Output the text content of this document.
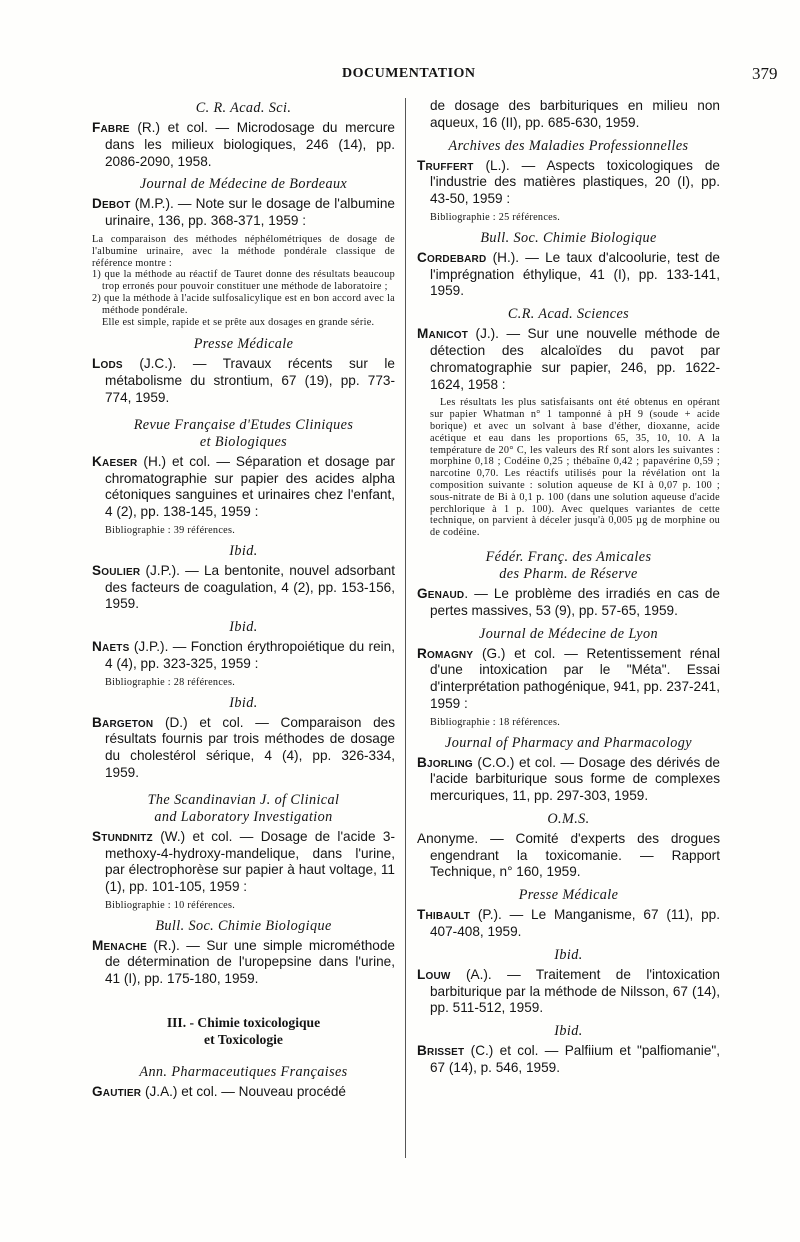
DOCUMENTATION	379
C. R. Acad. Sci.
Fabre (R.) et col. — Microdosage du mercure dans les milieux biologiques, 246 (14), pp. 2086-2090, 1958.
Journal de Médecine de Bordeaux
Debot (M.P.). — Note sur le dosage de l'albumine urinaire, 136, pp. 368-371, 1959 :

La comparaison des méthodes néphélométriques de dosage de l'albumine urinaire, avec la méthode pondérale classique de référence montre :

1) que la méthode au réactif de Tauret donne des résultats beaucoup trop erronés pour pouvoir constituer une méthode de laboratoire ;

2) que la méthode à l'acide sulfosalicylique est en bon accord avec la méthode pondérale.

Elle est simple, rapide et se prête aux dosages en grande série.

Presse Médicale
Lods (J.C.). — Travaux récents sur le métabolisme du strontium, 67 (19), pp. 773-774, 1959.
Revue Française d'Etudes Cliniques
et Biologiques
Kaeser (H.) et col. — Séparation et dosage par chromatographie sur papier des acides alpha cétoniques sanguines et urinaires chez l'enfant, 4 (2), pp. 138-145, 1959 :
Bibliographie : 39 références.
Ibid.
Soulier (J.P.). — La bentonite, nouvel adsorbant des facteurs de coagulation, 4 (2), pp. 153-156, 1959.
Ibid.
Naets (J.P.). — Fonction érythropoiétique du rein, 4 (4), pp. 323-325, 1959 :
Bibliographie : 28 références.
Ibid.
Bargeton (D.) et col. — Comparaison des résultats fournis par trois méthodes de dosage du cholestérol sérique, 4 (4), pp. 326-334, 1959.
The Scandinavian J. of Clinical
and Laboratory Investigation
Stundnitz (W.) et col. — Dosage de l'acide 3-methoxy-4-hydroxy-mandelique, dans l'urine, par électrophorèse sur papier à haut voltage, 11 (1), pp. 101-105, 1959 :
Bibliographie : 10 références.
Bull. Soc. Chimie Biologique
Menache (R.). — Sur une simple microméthode de détermination de l'uropepsine dans l'urine, 41 (I), pp. 175-180, 1959.
III. - Chimie toxicologique
et Toxicologie
Ann. Pharmaceutiques Françaises
Gautier (J.A.) et col. — Nouveau procédé
de dosage des barbituriques en milieu non aqueux, 16 (II), pp. 685-630, 1959.
Archives des Maladies Professionnelles
Truffert (L.). — Aspects toxicologiques de l'industrie des matières plastiques, 20 (I), pp. 43-50, 1959 :
Bibliographie : 25 références.
Bull. Soc. Chimie Biologique
Cordebard (H.). — Le taux d'alcoolurie, test de l'imprégnation éthylique, 41 (I), pp. 133-141, 1959.
C.R. Acad. Sciences
Manicot (J.). — Sur une nouvelle méthode de détection des alcaloïdes du pavot par chromatographie sur papier, 246, pp. 1622-1624, 1958 :
Les résultats les plus satisfaisants ont été obtenus en opérant sur papier Whatman n° 1 tamponné à pH 9 (soude + acide borique) et avec un solvant à base d'éther, dioxanne, acide acétique et eau dans les proportions 65, 35, 10, 10. A la température de 20° C, les valeurs des Rf sont alors les suivantes : morphine 0,18 ; Codéine 0,25 ; thébaïne 0,42 ; papavérine 0,59 ; narcotine 0,70. Les réactifs utilisés pour la révélation ont la composition suivante : solution aqueuse de KI à 0,07 p. 100 ; sous-nitrate de Bi à 0,1 p. 100 (dans une solution aqueuse d'acide perchlorique à 1 p. 100). Avec quelques variantes de cette technique, on parvient à déceler jusqu'à 0,005 µg de morphine ou de codéine.
Fédér. Franç. des Amicales
des Pharm. de Réserve
Genaud. — Le problème des irradiés en cas de pertes massives, 53 (9), pp. 57-65, 1959.
Journal de Médecine de Lyon
Romagny (G.) et col. — Retentissement rénal d'une intoxication par le "Méta". Essai d'interprétation pathogénique, 941, pp. 237-241, 1959 :
Bibliographie : 18 références.
Journal of Pharmacy and Pharmacology
Bjorling (C.O.) et col. — Dosage des dérivés de l'acide barbiturique sous forme de complexes mercuriques, 11, pp. 297-303, 1959.
O.M.S.
Anonyme. — Comité d'experts des drogues engendrant la toxicomanie. — Rapport Technique, n° 160, 1959.
Presse Médicale
Thibault (P.). — Le Manganisme, 67 (11), pp. 407-408, 1959.
Ibid.
Louw (A.). — Traitement de l'intoxication barbiturique par la méthode de Nilsson, 67 (14), pp. 511-512, 1959.
Ibid.
Brisset (C.) et col. — Palfiium et "palfiomanie", 67 (14), p. 546, 1959.
